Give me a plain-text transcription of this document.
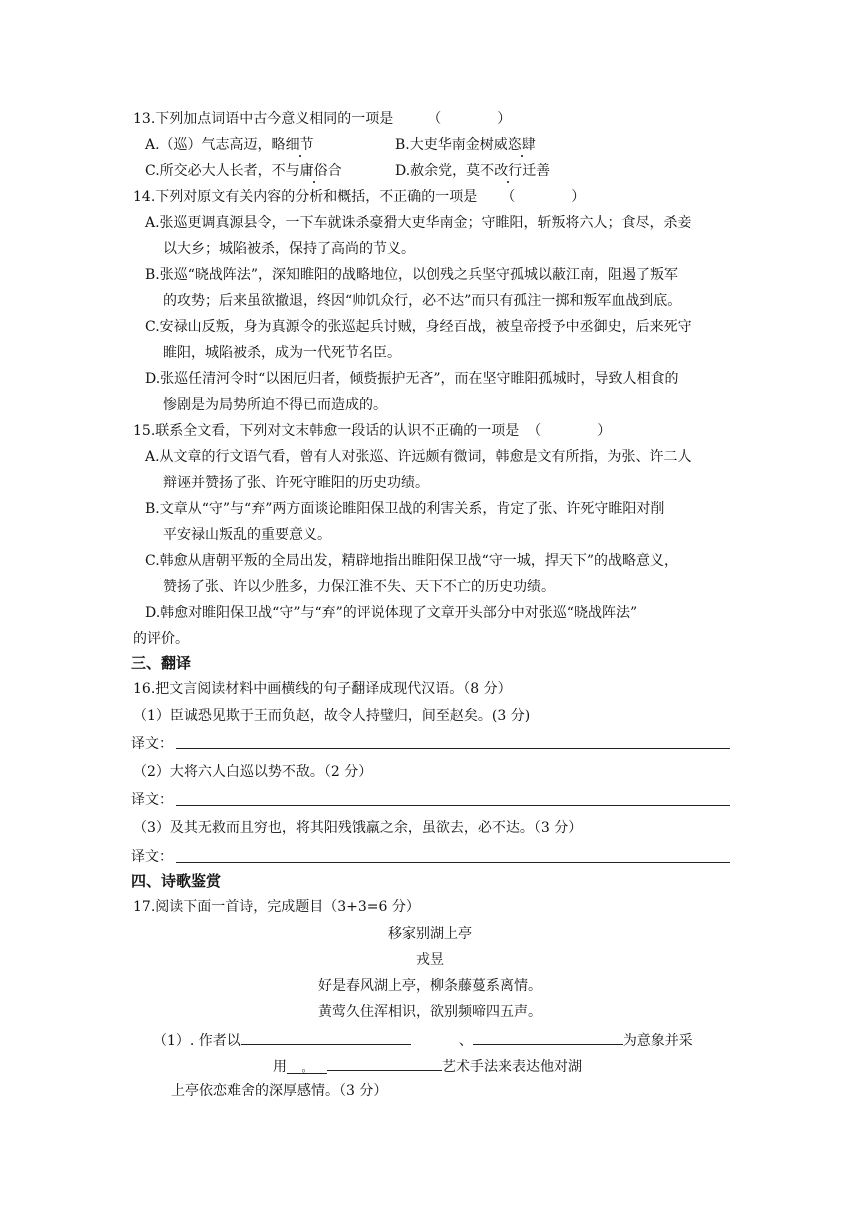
13.下列加点词语中古今意义相同的一项是 （　　　　）
A.（巡）气志高迈，略细节	B.大吏华南金树威恣肆
C.所交必大人长者，不与庸俗合	D.赦余党，莫不改行迁善
14.下列对原文有关内容的分析和概括，不正确的一项是 （　　　　）
A.张巡更调真源县令，一下车就诛杀豪猾大吏华南金；守睢阳，斩叛将六人；食尽，杀妾
以大乡；城陷被杀，保持了高尚的节义。
B.张巡“晓战阵法”，深知睢阳的战略地位，以创残之兵坚守孤城以蔽江南，阻遏了叛军
的攻势；后来虽欲撤退，终因“帅饥众行，必不达”而只有孤注一掷和叛军血战到底。
C.安禄山反叛，身为真源令的张巡起兵讨贼，身经百战，被皇帝授予中丞御史，后来死守
睢阳，城陷被杀，成为一代死节名臣。
D.张巡任清河令时“以困厄归者，倾赀振护无吝”，而在坚守睢阳孤城时，导致人相食的
惨剧是为局势所迫不得已而造成的。
15.联系全文看，下列对文末韩愈一段话的认识不正确的一项是 （　　　　）
A.从文章的行文语气看，曾有人对张巡、许远颇有微词，韩愈是文有所指，为张、许二人
辩诬并赞扬了张、许死守睢阳的历史功绩。
B.文章从“守”与“弃”两方面谈论睢阳保卫战的利害关系，肯定了张、许死守睢阳对削
平安禄山叛乱的重要意义。
C.韩愈从唐朝平叛的全局出发，精辟地指出睢阳保卫战“守一城，捍天下”的战略意义，
赞扬了张、许以少胜多，力保江淮不失、天下不亡的历史功绩。
D.韩愈对睢阳保卫战“守”与“弃”的评说体现了文章开头部分中对张巡“晓战阵法”
的评价。
三、翻译
16.把文言阅读材料中画横线的句子翻译成现代汉语。（8 分）
（1）臣诚恐见欺于王而负赵，故令人持璧归，间至赵矣。(3 分)
译文：
（2）大将六人白巡以势不敌。（2 分）
译文：
（3）及其无救而且穷也，将其阳残饿羸之余，虽欲去，必不达。（3 分）
译文：
四、诗歌鉴赏
17.阅读下面一首诗，完成题目（3+3=6 分）
移家别湖上亭
戎昱
好是春风湖上亭，柳条藤蔓系离情。
黄莺久住浑相识，欲别频啼四五声。
（1）. 作者以	、	为意象并采
用 。	艺术手法来表达他对湖
上亭依恋难舍的深厚感情。（3 分）
